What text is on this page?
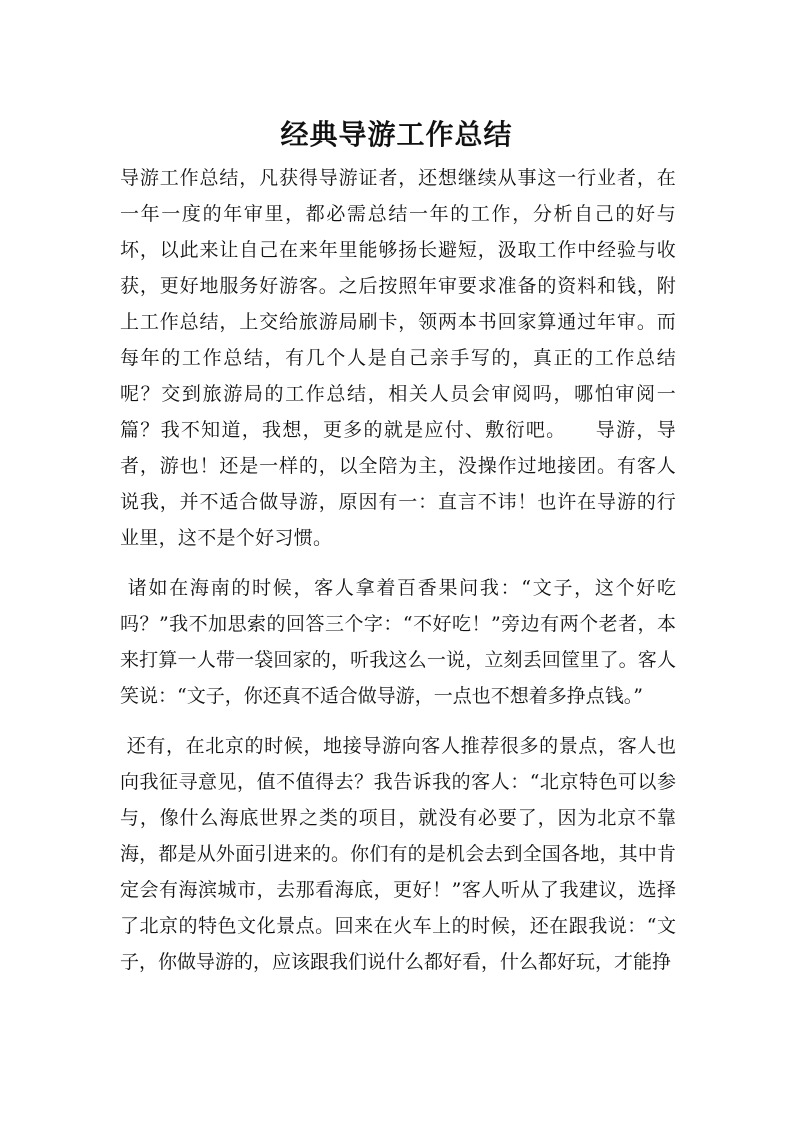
经典导游工作总结

导游工作总结，凡获得导游证者，还想继续从事这一行业者，在一年一度的年审里，都必需总结一年的工作，分析自己的好与坏，以此来让自己在来年里能够扬长避短，汲取工作中经验与收获，更好地服务好游客。之后按照年审要求准备的资料和钱，附上工作总结，上交给旅游局刷卡，领两本书回家算通过年审。而每年的工作总结，有几个人是自己亲手写的，真正的工作总结呢？交到旅游局的工作总结，相关人员会审阅吗，哪怕审阅一篇？我不知道，我想，更多的就是应付、敷衍吧。    导游，导者，游也！还是一样的，以全陪为主，没操作过地接团。有客人说我，并不适合做导游，原因有一：直言不讳！也许在导游的行业里，这不是个好习惯。

诸如在海南的时候，客人拿着百香果问我：“文子，这个好吃吗？”我不加思索的回答三个字：“不好吃！”旁边有两个老者，本来打算一人带一袋回家的，听我这么一说，立刻丢回筐里了。客人笑说：“文子，你还真不适合做导游，一点也不想着多挣点钱。”

还有，在北京的时候，地接导游向客人推荐很多的景点，客人也向我征寻意见，值不值得去？我告诉我的客人：“北京特色可以参与，像什么海底世界之类的项目，就没有必要了，因为北京不靠海，都是从外面引进来的。你们有的是机会去到全国各地，其中肯定会有海滨城市，去那看海底，更好！”客人听从了我建议，选择了北京的特色文化景点。回来在火车上的时候，还在跟我说：“文子，你做导游的，应该跟我们说什么都好看，什么都好玩，才能挣
